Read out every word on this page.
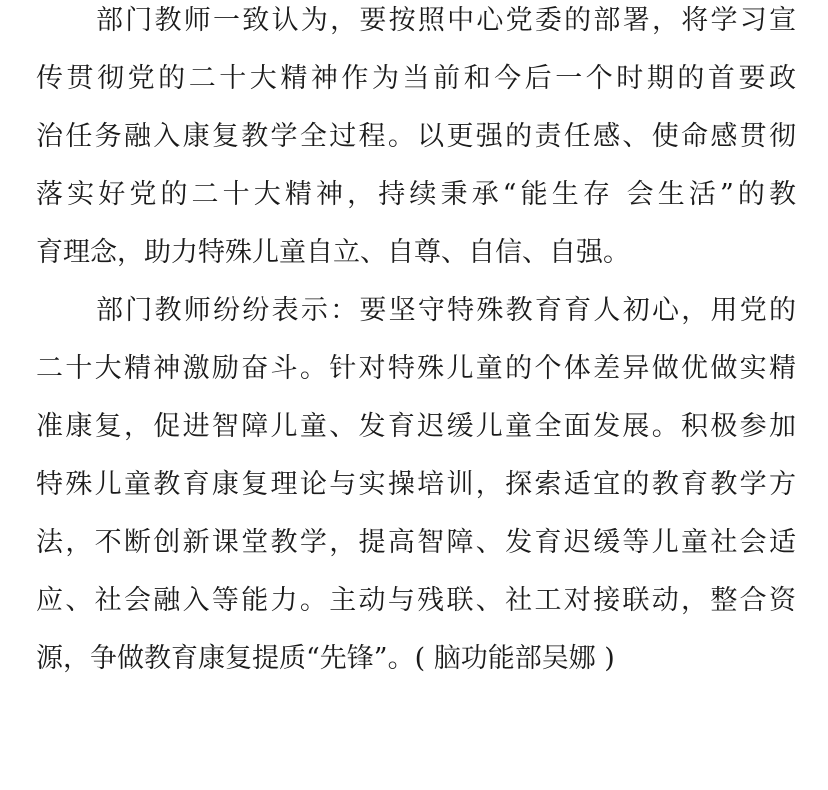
部门教师一致认为，要按照中心党委的部署，将学习宣
传贯彻党的二十大精神作为当前和今后一个时期的首要政
治任务融入康复教学全过程。以更强的责任感、使命感贯彻
落实好党的二十大精神，持续秉承“能生存 会生活”的教
育理念，助力特殊儿童自立、自尊、自信、自强。
部门教师纷纷表示：要坚守特殊教育育人初心，用党的
二十大精神激励奋斗。针对特殊儿童的个体差异做优做实精
准康复，促进智障儿童、发育迟缓儿童全面发展。积极参加
特殊儿童教育康复理论与实操培训，探索适宜的教育教学方
法，不断创新课堂教学，提高智障、发育迟缓等儿童社会适
应、社会融入等能力。主动与残联、社工对接联动，整合资
源，争做教育康复提质“先锋”。( 脑功能部吴娜 )
